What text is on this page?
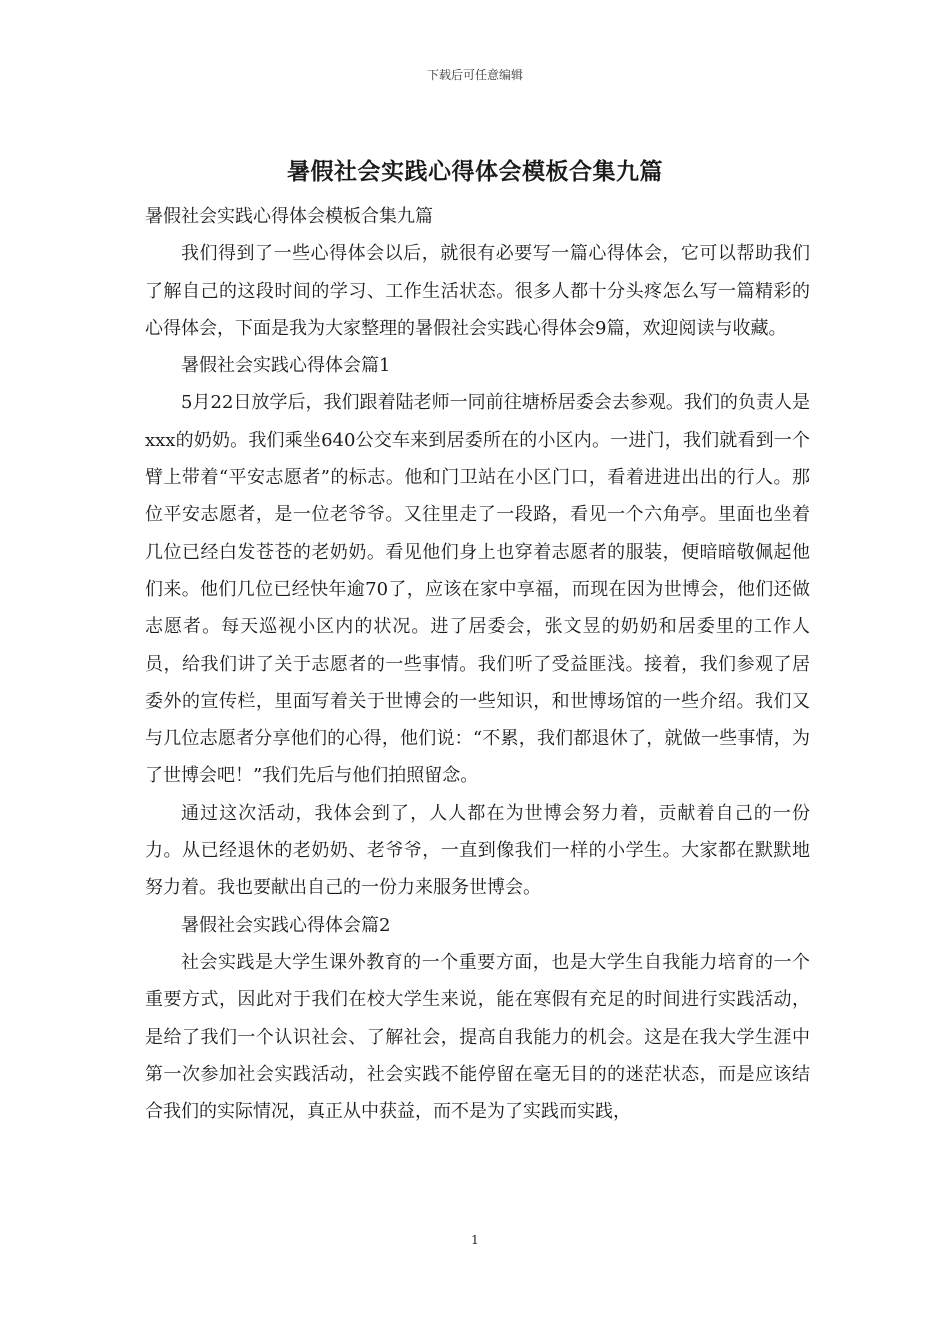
下载后可任意编辑
暑假社会实践心得体会模板合集九篇

暑假社会实践心得体会模板合集九篇

我们得到了一些心得体会以后，就很有必要写一篇心得体会，它可以帮助我们了解自己的这段时间的学习、工作生活状态。很多人都十分头疼怎么写一篇精彩的心得体会，下面是我为大家整理的暑假社会实践心得体会9篇，欢迎阅读与收藏。

暑假社会实践心得体会篇1

5月22日放学后，我们跟着陆老师一同前往塘桥居委会去参观。我们的负责人是xxx的奶奶。我们乘坐640公交车来到居委所在的小区内。一进门，我们就看到一个臂上带着“平安志愿者”的标志。他和门卫站在小区门口，看着进进出出的行人。那位平安志愿者，是一位老爷爷。又往里走了一段路，看见一个六角亭。里面也坐着几位已经白发苍苍的老奶奶。看见他们身上也穿着志愿者的服装，便暗暗敬佩起他们来。他们几位已经快年逾70了，应该在家中享福，而现在因为世博会，他们还做志愿者。每天巡视小区内的状况。进了居委会，张文昱的奶奶和居委里的工作人员，给我们讲了关于志愿者的一些事情。我们听了受益匪浅。接着，我们参观了居委外的宣传栏，里面写着关于世博会的一些知识，和世博场馆的一些介绍。我们又与几位志愿者分享他们的心得，他们说：“不累，我们都退休了，就做一些事情，为了世博会吧！”我们先后与他们拍照留念。

通过这次活动，我体会到了，人人都在为世博会努力着，贡献着自己的一份力。从已经退休的老奶奶、老爷爷，一直到像我们一样的小学生。大家都在默默地努力着。我也要献出自己的一份力来服务世博会。

暑假社会实践心得体会篇2

社会实践是大学生课外教育的一个重要方面，也是大学生自我能力培育的一个重要方式，因此对于我们在校大学生来说，能在寒假有充足的时间进行实践活动，是给了我们一个认识社会、了解社会，提高自我能力的机会。这是在我大学生涯中第一次参加社会实践活动，社会实践不能停留在毫无目的的迷茫状态，而是应该结合我们的实际情况，真正从中获益，而不是为了实践而实践，

1
